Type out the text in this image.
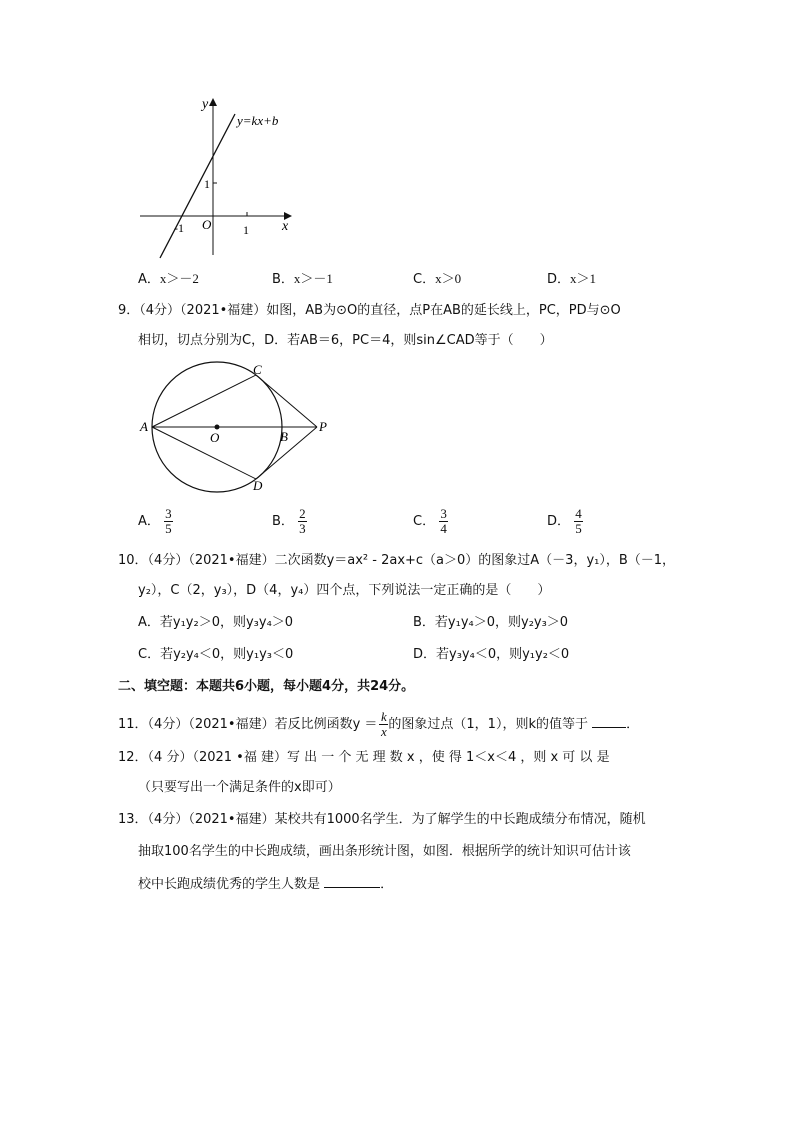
y
x
y=kx+b
O
-1	1
1
A．x＞－2	B．x＞－1	C．x＞0	D．x＞1
9．（4分）（2021•福建）如图，AB为⊙O的直径，点P在AB的延长线上，PC，PD与⊙O
相切，切点分别为C，D．若AB＝6，PC＝4，则sin∠CAD等于（　　）
A
C
O	B
P
D
A． $\frac{3}{5}$	B． $\frac{2}{3}$	C． $\frac{3}{4}$	D． $\frac{4}{5}$
10．（4分）（2021•福建）二次函数y＝ax² - 2ax+c（a＞0）的图象过A（－3，y₁），B（－1，
y₂），C（2，y₃），D（4，y₄）四个点，下列说法一定正确的是（　　）
A．若y₁y₂＞0，则y₃y₄＞0	B．若y₁y₄＞0，则y₂y₃＞0
C．若y₂y₄＜0，则y₁y₃＜0	D．若y₃y₄＜0，则y₁y₂＜0
二、填空题：本题共6小题，每小题4分，共24分。
11．（4分）（2021•福建）若反比例函数$y = \frac{k}{x}$ 的图象过点（1，1），则k的值等于	．
12．（4 分）（2021 •福 建）写 出 一 个 无 理 数 x ，使 得 1＜x＜4 ，则 x 可 以 是
（只要写出一个满足条件的x即可）
13．（4分）（2021•福建）某校共有1000名学生．为了解学生的中长跑成绩分布情况，随机
抽取100名学生的中长跑成绩，画出条形统计图，如图．根据所学的统计知识可估计该
校中长跑成绩优秀的学生人数是	．
